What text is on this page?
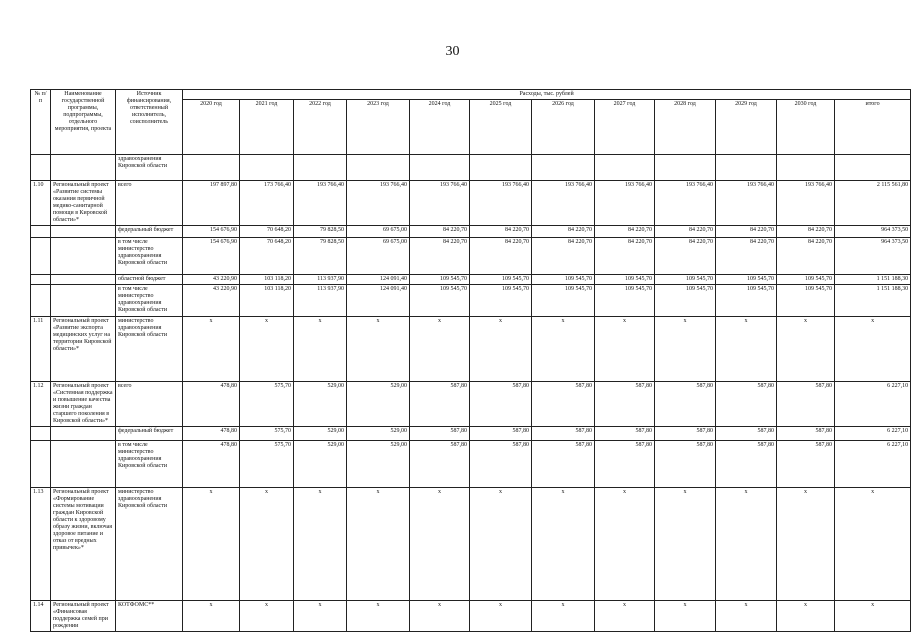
30
№ п/п	Наименование государственной программы, подпрограммы, отдельного мероприятия, проекта	Источник финансирования, ответственный исполнитель, соисполнитель	Расходы, тыс. рублей											
			2020 год	2021 год	2022 год	2023 год	2024 год	2025 год	2026 год	2027 год	2028 год	2029 год	2030 год	итого
		здравоохранения Кировской области												
1.10	Региональный проект «Развитие системы оказания первичной медико-санитарной помощи в Кировской области»*	всего	197 897,80	173 766,40	193 766,40	193 766,40	193 766,40	193 766,40	193 766,40	193 766,40	193 766,40	193 766,40	193 766,40	2 115 561,80
		федеральный бюджет	154 676,90	70 648,20	79 828,50	69 675,00	84 220,70	84 220,70	84 220,70	84 220,70	84 220,70	84 220,70	84 220,70	964 373,50
		в том числе министерство здравоохранения Кировской области	154 676,90	70 648,20	79 828,50	69 675,00	84 220,70	84 220,70	84 220,70	84 220,70	84 220,70	84 220,70	84 220,70	964 373,50
		областной бюджет	43 220,90	103 118,20	113 937,90	124 091,40	109 545,70	109 545,70	109 545,70	109 545,70	109 545,70	109 545,70	109 545,70	1 151 188,30
		в том числе министерство здравоохранения Кировской области	43 220,90	103 118,20	113 937,90	124 091,40	109 545,70	109 545,70	109 545,70	109 545,70	109 545,70	109 545,70	109 545,70	1 151 188,30
1.11	Региональный проект «Развитие экспорта медицинских услуг на территории Кировской области»*	министерство здравоохранения Кировской области	х	х	х	х	х	х	х	х	х	х	х	х
1.12	Региональный проект «Системная поддержка и повышение качества жизни граждан старшего поколения в Кировской области»*	всего	478,80	575,70	529,00	529,00	587,80	587,80	587,80	587,80	587,80	587,80	587,80	6 227,10
		федеральный бюджет	478,80	575,70	529,00	529,00	587,80	587,80	587,80	587,80	587,80	587,80	587,80	6 227,10
		в том числе министерство здравоохранения Кировской области	478,80	575,70	529,00	529,00	587,80	587,80	587,80	587,80	587,80	587,80	587,80	6 227,10
1.13	Региональный проект «Формирование системы мотивации граждан Кировской области к здоровому образу жизни, включая здоровое питание и отказ от вредных привычек»*	министерство здравоохранения Кировской области	х	х	х	х	х	х	х	х	х	х	х	х
1.14	Региональный проект «Финансовая поддержка семей при рождении	КОТФОМС**	х	х	х	х	х	х	х	х	х	х	х	х
